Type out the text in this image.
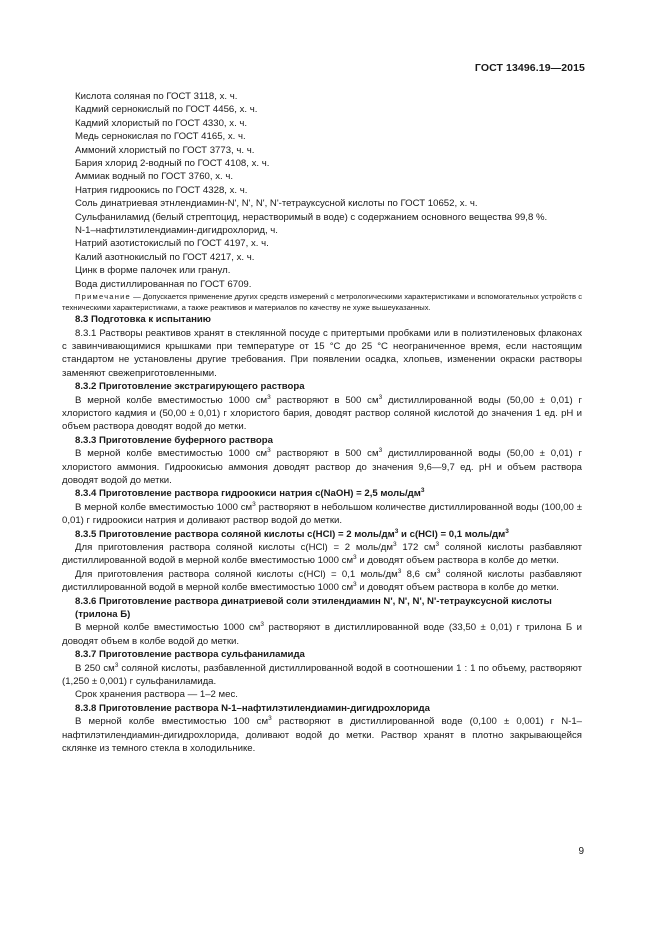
ГОСТ 13496.19—2015

Кислота соляная по ГОСТ 3118, х. ч.

Кадмий сернокислый по ГОСТ 4456, х. ч.

Кадмий хлористый по ГОСТ 4330, х. ч.

Медь сернокислая по ГОСТ 4165, х. ч.

Аммоний хлористый по ГОСТ 3773, ч. ч.

Бария хлорид 2-водный по ГОСТ 4108, х. ч.

Аммиак водный по ГОСТ 3760, х. ч.

Натрия гидроокись по ГОСТ 4328, х. ч.

Соль динатриевая этнлендиамин-N', N', N', N'-тетрауксусной кислоты по ГОСТ 10652, х. ч.

Сульфаниламид (белый стрептоцид, нерастворимый в воде) с содержанием основного вещества 99,8 %.

N-1–нафтилэтилендиамин-дигидрохлорид, ч.

Натрий азотистокислый по ГОСТ 4197, х. ч.

Калий азотнокислый по ГОСТ 4217, х. ч.

Цинк в форме палочек или гранул.

Вода дистиллированная по ГОСТ 6709.

Примечание — Допускается применение других средств измерений с метрологическими характеристиками и вспомогательных устройств с техническими характеристиками, а также реактивов и материалов по качеству не хуже вышеуказанных.

8.3 Подготовка к испытанию

8.3.1 Растворы реактивов хранят в стеклянной посуде с притертыми пробками или в полиэтиленовых флаконах с завинчивающимися крышками при температуре от 15 °С до 25 °С неограниченное время, если настоящим стандартом не установлены другие требования. При появлении осадка, хлопьев, изменении окраски растворы заменяют свежеприготовленными.

8.3.2 Приготовление экстрагирующего раствора

В мерной колбе вместимостью 1000 $см^3$ растворяют в 500 $см^3$ дистиллированной воды (50,00 ± 0,01) г хлористого кадмия и (50,00 ± 0,01) г хлористого бария, доводят раствор соляной кислотой до значения 1 ед. рН и объем раствора доводят водой до метки.

8.3.3 Приготовление буферного раствора

В мерной колбе вместимостью 1000 $см^3$ растворяют в 500 $см^3$ дистиллированной воды (50,00 ± 0,01) г хлористого аммония. Гидроокисью аммония доводят раствор до значения 9,6—9,7 ед. рН и объем раствора доводят водой до метки.

8.3.4 Приготовление раствора гидроокиси натрия c(NaOH) = 2,5 моль/$дм^3$

В мерной колбе вместимостью 1000 $см^3$ растворяют в небольшом количестве дистиллированной воды (100,00 ± 0,01) г гидроокиси натрия и доливают раствор водой до метки.

8.3.5 Приготовление раствора соляной кислоты c(HCl) = 2 моль/$дм^3$ и c(HCl) = 0,1 моль/$дм^3$

Для приготовления раствора соляной кислоты c(HCl) = 2 моль/$дм^3$ 172 $см^3$ соляной кислоты разбавляют дистиллированной водой в мерной колбе вместимостью 1000 $см^3$ и доводят объем раствора в колбе до метки.

Для приготовления раствора соляной кислоты c(HCl) = 0,1 моль/$дм^3$ 8,6 $см^3$ соляной кислоты разбавляют дистиллированной водой в мерной колбе вместимостью 1000 $см^3$ и доводят объем раствора в колбе до метки.

8.3.6 Приготовление раствора динатриевой соли этилендиамин N', N', N', N'-тетрауксусной кислоты (трилона Б)

В мерной колбе вместимостью 1000 $см^3$ растворяют в дистиллированной воде (33,50 ± 0,01) г трилона Б и доводят объем в колбе водой до метки.

8.3.7 Приготовление раствора сульфаниламида

В 250 $см^3$ соляной кислоты, разбавленной дистиллированной водой в соотношении 1 : 1 по объему, растворяют (1,250 ± 0,001) г сульфаниламида.

Срок хранения раствора — 1–2 мес.

8.3.8 Приготовление раствора N-1–нафтилэтилендиамин-дигидрохлорида

В мерной колбе вместимостью 100 $см^3$ растворяют в дистиллированной воде (0,100 ± 0,001) г N-1–нафтилэтилендиамин-дигидрохлорида, доливают водой до метки. Раствор хранят в плотно закрывающейся склянке из темного стекла в холодильнике.

9
